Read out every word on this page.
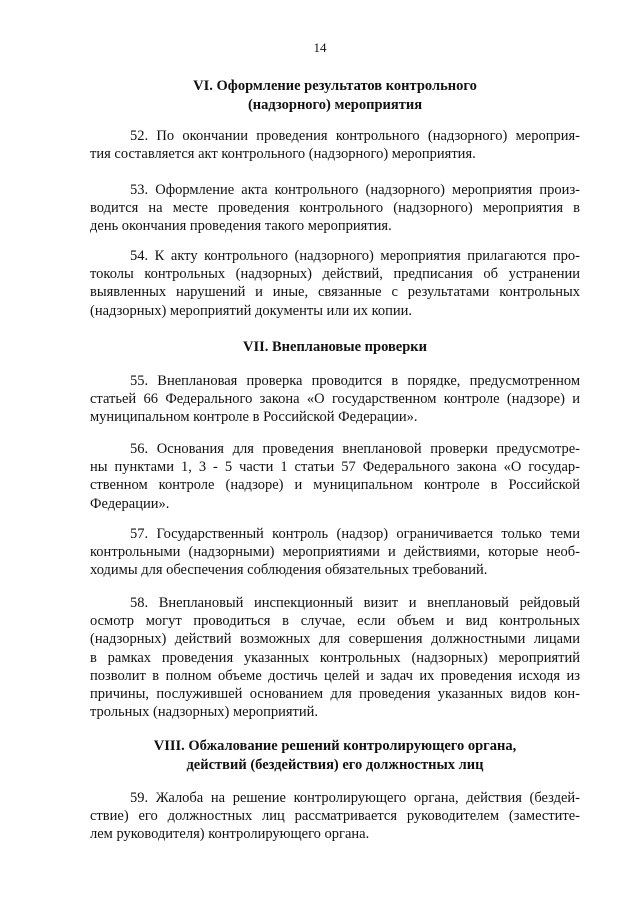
14
VI. Оформление результатов контрольного
(надзорного) мероприятия
52. По окончании проведения контрольного (надзорного) мероприя-
тия составляется акт контрольного (надзорного) мероприятия.
53. Оформление акта контрольного (надзорного) мероприятия произ-
водится на месте проведения контрольного (надзорного) мероприятия в
день окончания проведения такого мероприятия.
54. К акту контрольного (надзорного) мероприятия прилагаются про-
токолы контрольных (надзорных) действий, предписания об устранении
выявленных нарушений и иные, связанные с результатами контрольных
(надзорных) мероприятий документы или их копии.
VII. Внеплановые проверки
55. Внеплановая проверка проводится в порядке, предусмотренном
статьей 66 Федерального закона «О государственном контроле (надзоре) и
муниципальном контроле в Российской Федерации».
56. Основания для проведения внеплановой проверки предусмотре-
ны пунктами 1, 3 - 5 части 1 статьи 57 Федерального закона «О государ-
ственном контроле (надзоре) и муниципальном контроле в Российской
Федерации».
57. Государственный контроль (надзор) ограничивается только теми
контрольными (надзорными) мероприятиями и действиями, которые необ-
ходимы для обеспечения соблюдения обязательных требований.
58. Внеплановый инспекционный визит и внеплановый рейдовый
осмотр могут проводиться в случае, если объем и вид контрольных
(надзорных) действий возможных для совершения должностными лицами
в рамках проведения указанных контрольных (надзорных) мероприятий
позволит в полном объеме достичь целей и задач их проведения исходя из
причины, послужившей основанием для проведения указанных видов кон-
трольных (надзорных) мероприятий.
VIII. Обжалование решений контролирующего органа,
действий (бездействия) его должностных лиц
59. Жалоба на решение контролирующего органа, действия (бездей-
ствие) его должностных лиц рассматривается руководителем (заместите-
лем руководителя) контролирующего органа.
